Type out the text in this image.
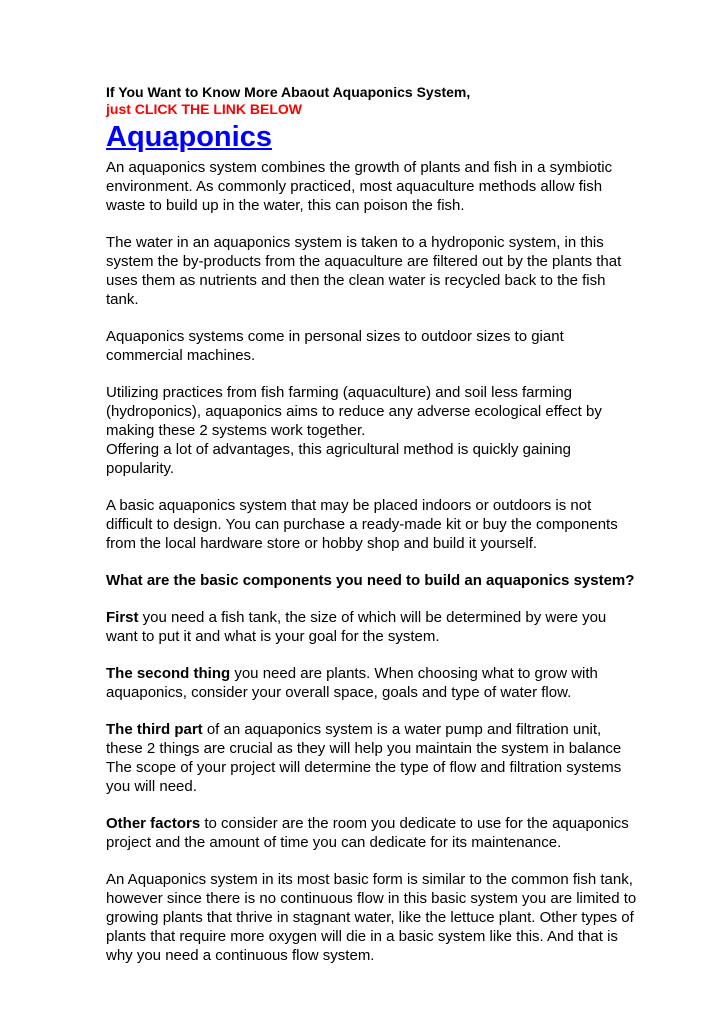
If You Want to Know More Abaout Aquaponics System,
just CLICK THE LINK BELOW
Aquaponics

An aquaponics system combines the growth of plants and fish in a symbiotic environment. As commonly practiced, most aquaculture methods allow fish waste to build up in the water, this can poison the fish.

The water in an aquaponics system is taken to a hydroponic system, in this system the by-products from the aquaculture are filtered out by the plants that uses them as nutrients and then the clean water is recycled back to the fish tank.

Aquaponics systems come in personal sizes to outdoor sizes to giant commercial machines.

Utilizing practices from fish farming (aquaculture) and soil less farming (hydroponics), aquaponics aims to reduce any adverse ecological effect by making these 2 systems work together.

Offering a lot of advantages, this agricultural method is quickly gaining popularity.

A basic aquaponics system that may be placed indoors or outdoors is not difficult to design. You can purchase a ready-made kit or buy the components from the local hardware store or hobby shop and build it yourself.

What are the basic components you need to build an aquaponics system?

First you need a fish tank, the size of which will be determined by were you want to put it and what is your goal for the system.

The second thing you need are plants. When choosing what to grow with aquaponics, consider your overall space, goals and type of water flow.

The third part of an aquaponics system is a water pump and filtration unit, these 2 things are crucial as they will help you maintain the system in balance The scope of your project will determine the type of flow and filtration systems you will need.

Other factors to consider are the room you dedicate to use for the aquaponics project and the amount of time you can dedicate for its maintenance.

An Aquaponics system in its most basic form is similar to the common fish tank, however since there is no continuous flow in this basic system you are limited to growing plants that thrive in stagnant water, like the lettuce plant. Other types of plants that require more oxygen will die in a basic system like this. And that is why you need a continuous flow system.
